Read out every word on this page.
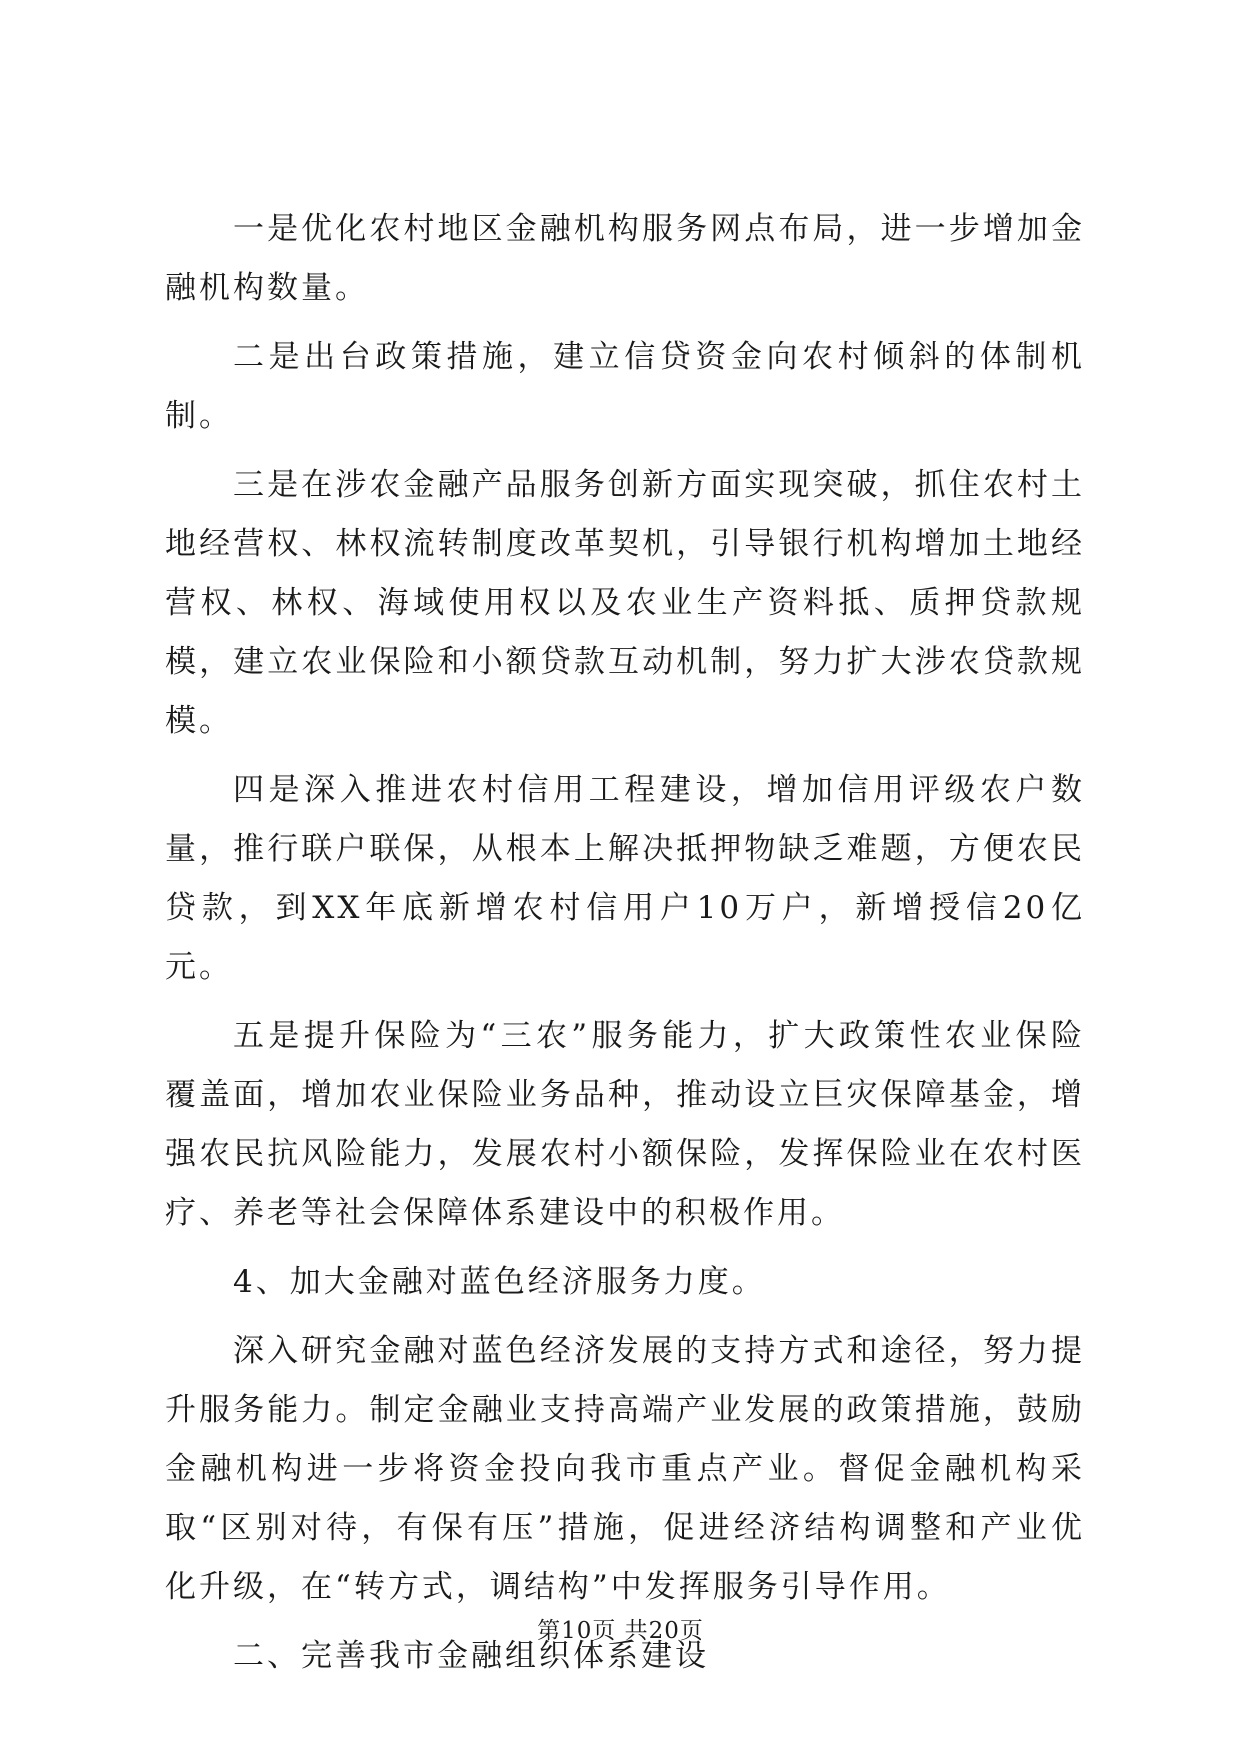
一是优化农村地区金融机构服务网点布局，进一步增加金融机构数量。

二是出台政策措施，建立信贷资金向农村倾斜的体制机制。

三是在涉农金融产品服务创新方面实现突破，抓住农村土地经营权、林权流转制度改革契机，引导银行机构增加土地经营权、林权、海域使用权以及农业生产资料抵、质押贷款规模，建立农业保险和小额贷款互动机制，努力扩大涉农贷款规模。

四是深入推进农村信用工程建设，增加信用评级农户数量，推行联户联保，从根本上解决抵押物缺乏难题，方便农民贷款，到XX年底新增农村信用户10万户，新增授信20亿元。

五是提升保险为“三农”服务能力，扩大政策性农业保险覆盖面，增加农业保险业务品种，推动设立巨灾保障基金，增强农民抗风险能力，发展农村小额保险，发挥保险业在农村医疗、养老等社会保障体系建设中的积极作用。

4、加大金融对蓝色经济服务力度。

深入研究金融对蓝色经济发展的支持方式和途径，努力提升服务能力。制定金融业支持高端产业发展的政策措施，鼓励金融机构进一步将资金投向我市重点产业。督促金融机构采取“区别对待，有保有压”措施，促进经济结构调整和产业优化升级，在“转方式，调结构”中发挥服务引导作用。

二、完善我市金融组织体系建设

第10页 共20页
